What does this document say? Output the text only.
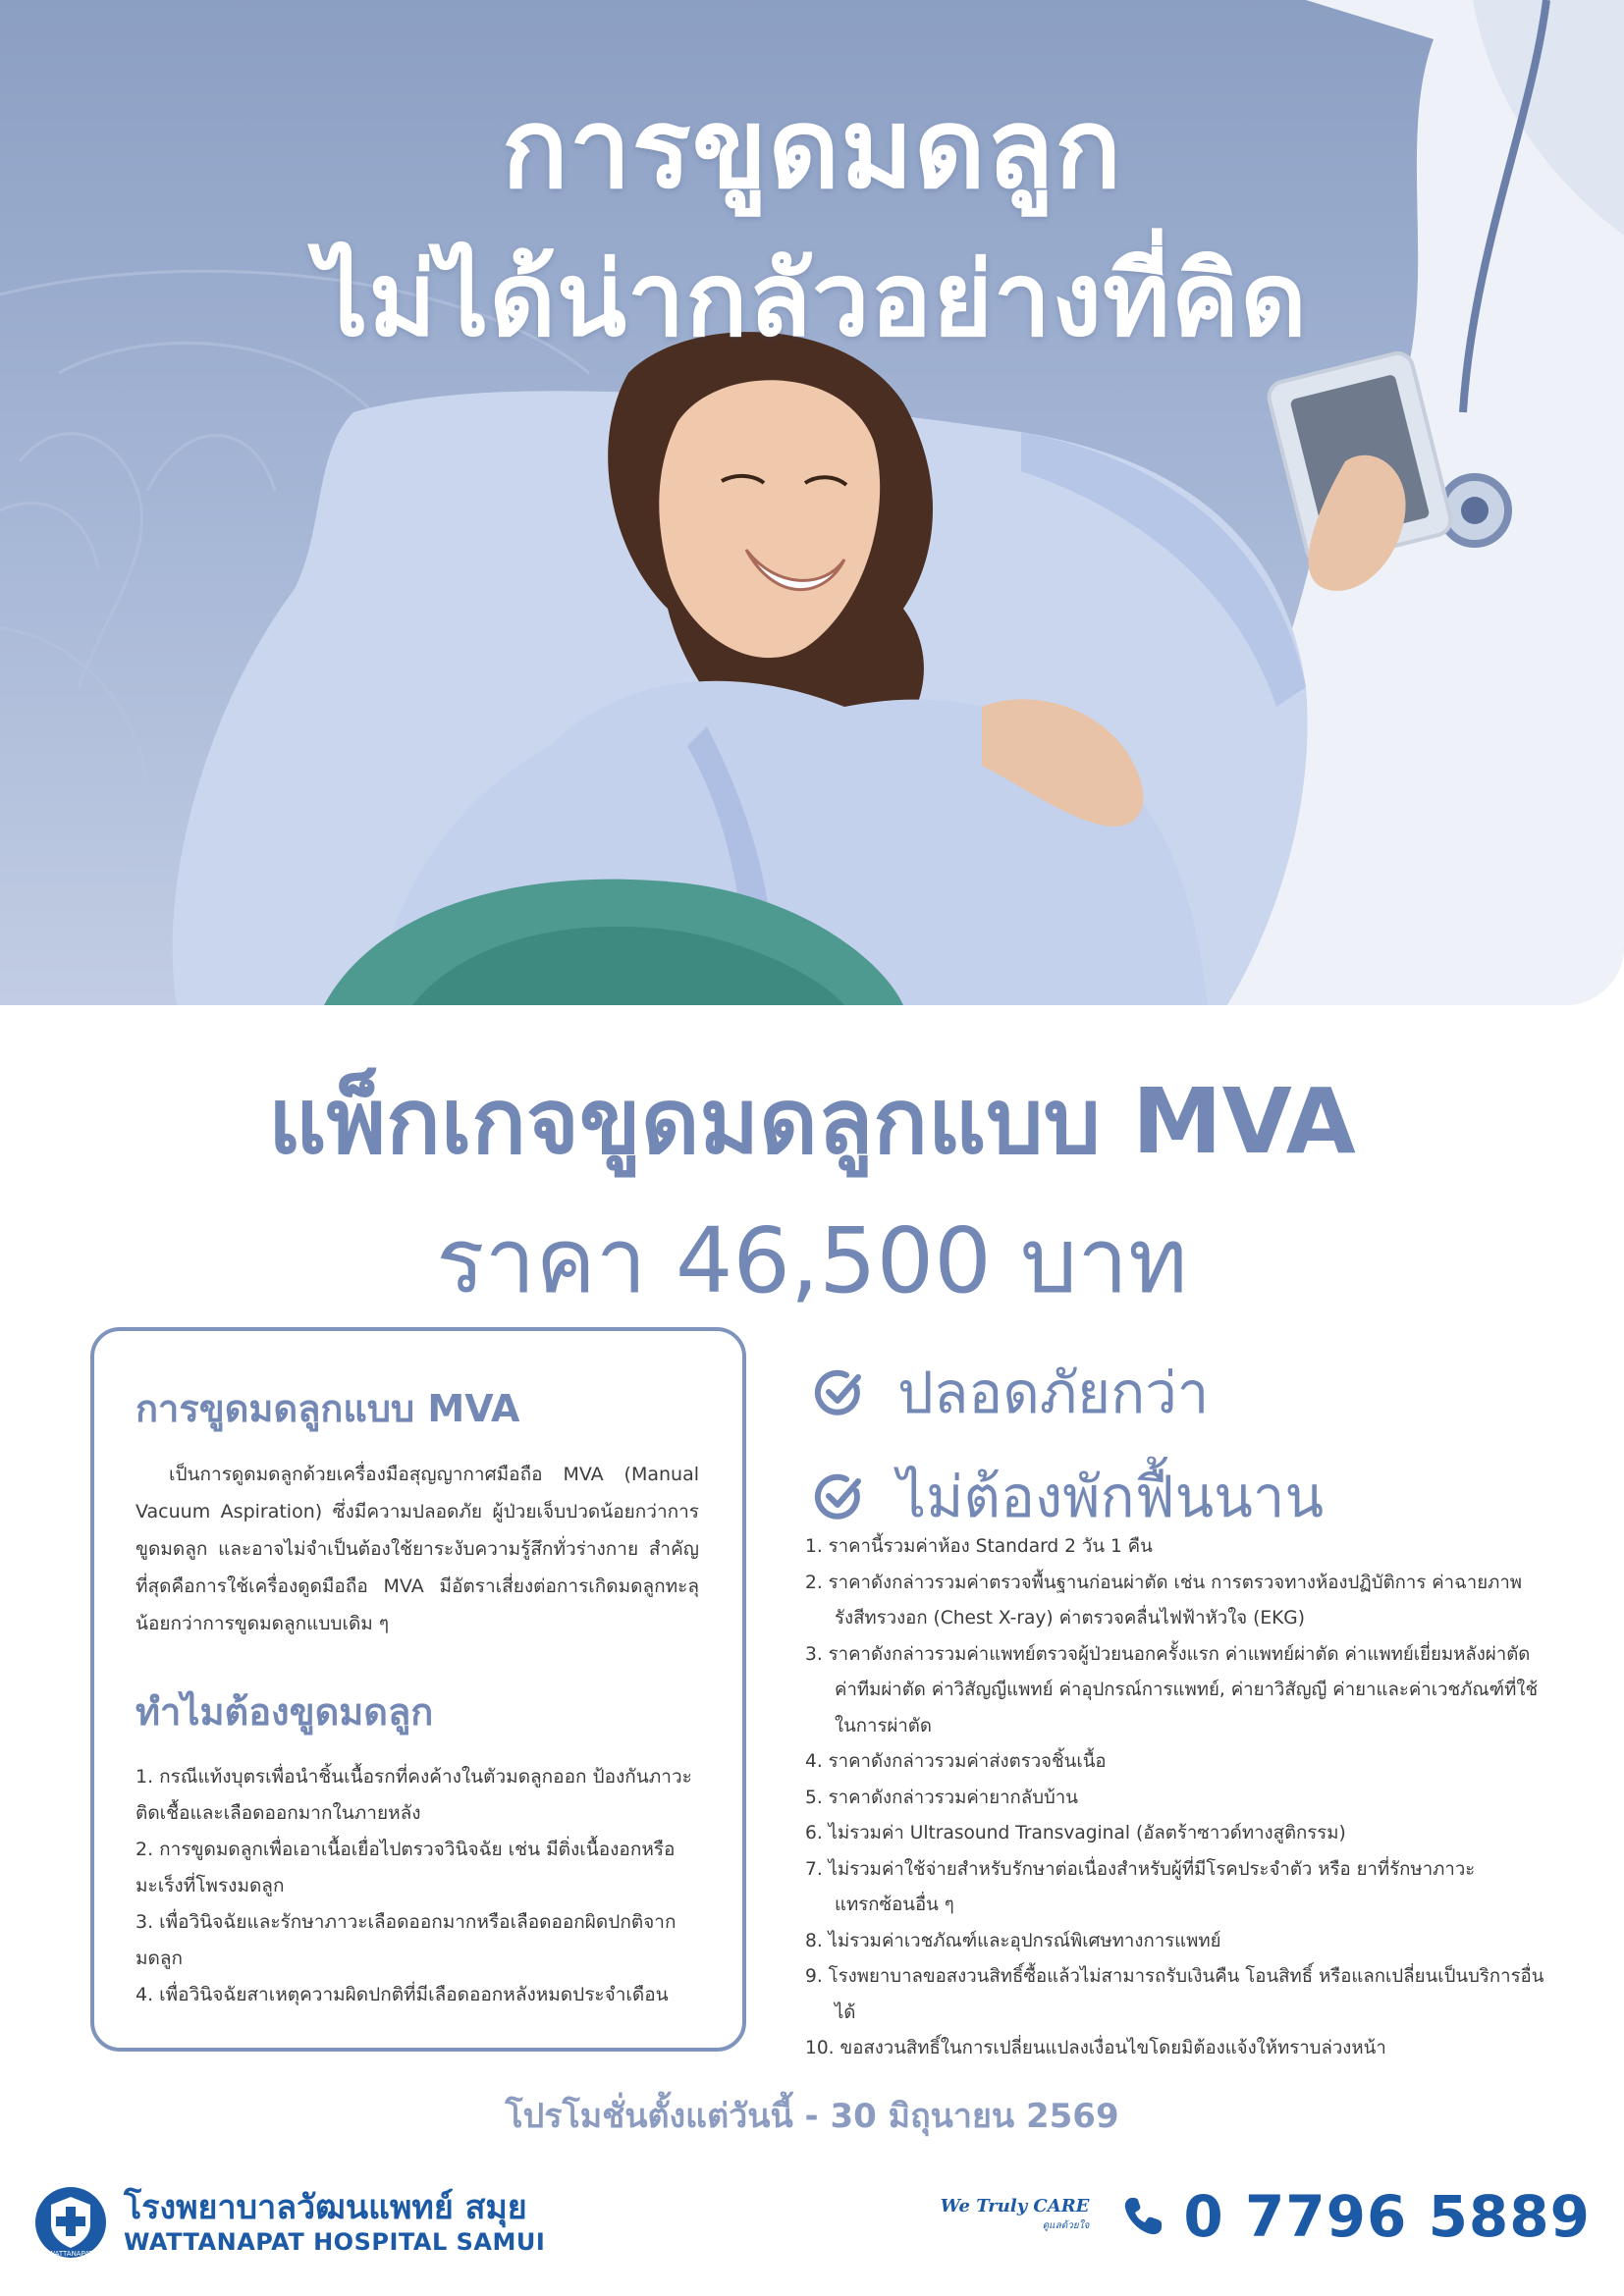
การขูดมดลูก
ไม่ได้น่ากลัวอย่างที่คิด
แพ็กเกจขูดมดลูกแบบ MVA
ราคา 46,500 บาท
การขูดมดลูกแบบ MVA

เป็นการดูดมดลูกด้วยเครื่องมือสุญญากาศมือถือ MVA (Manual Vacuum Aspiration) ซึ่งมีความปลอดภัย ผู้ป่วยเจ็บปวดน้อยกว่าการขูดมดลูก และอาจไม่จำเป็นต้องใช้ยาระงับความรู้สึกทั่วร่างกาย สำคัญที่สุดคือการใช้เครื่องดูดมือถือ MVA มีอัตราเสี่ยงต่อการเกิดมดลูกทะลุน้อยกว่าการขูดมดลูกแบบเดิม ๆ

ทำไมต้องขูดมดลูก
1. กรณีแท้งบุตรเพื่อนำชิ้นเนื้อรกที่คงค้างในตัวมดลูกออก ป้องกันภาวะติดเชื้อและเลือดออกมากในภายหลัง
2. การขูดมดลูกเพื่อเอาเนื้อเยื่อไปตรวจวินิจฉัย เช่น มีติ่งเนื้องอกหรือมะเร็งที่โพรงมดลูก
3. เพื่อวินิจฉัยและรักษาภาวะเลือดออกมากหรือเลือดออกผิดปกติจากมดลูก
4. เพื่อวินิจฉัยสาเหตุความผิดปกติที่มีเลือดออกหลังหมดประจำเดือน
ปลอดภัยกว่า
ไม่ต้องพักฟื้นนาน
1. ราคานี้รวมค่าห้อง Standard 2 วัน 1 คืน
2. ราคาดังกล่าวรวมค่าตรวจพื้นฐานก่อนผ่าตัด เช่น การตรวจทางห้องปฏิบัติการ ค่าฉายภาพรังสีทรวงอก (Chest X-ray) ค่าตรวจคลื่นไฟฟ้าหัวใจ (EKG)
3. ราคาดังกล่าวรวมค่าแพทย์ตรวจผู้ป่วยนอกครั้งแรก ค่าแพทย์ผ่าตัด ค่าแพทย์เยี่ยมหลังผ่าตัด ค่าทีมผ่าตัด ค่าวิสัญญีแพทย์ ค่าอุปกรณ์การแพทย์, ค่ายาวิสัญญี ค่ายาและค่าเวชภัณฑ์ที่ใช้ในการผ่าตัด
4. ราคาดังกล่าวรวมค่าส่งตรวจชิ้นเนื้อ
5. ราคาดังกล่าวรวมค่ายากลับบ้าน
6. ไม่รวมค่า Ultrasound Transvaginal (อัลตร้าซาวด์ทางสูติกรรม)
7. ไม่รวมค่าใช้จ่ายสำหรับรักษาต่อเนื่องสำหรับผู้ที่มีโรคประจำตัว หรือ ยาที่รักษาภาวะแทรกซ้อนอื่น ๆ
8. ไม่รวมค่าเวชภัณฑ์และอุปกรณ์พิเศษทางการแพทย์
9. โรงพยาบาลขอสงวนสิทธิ์ซื้อแล้วไม่สามารถรับเงินคืน โอนสิทธิ์ หรือแลกเปลี่ยนเป็นบริการอื่นได้
10. ขอสงวนสิทธิ์ในการเปลี่ยนแปลงเงื่อนไขโดยมิต้องแจ้งให้ทราบล่วงหน้า

โปรโมชั่นตั้งแต่วันนี้ - 30 มิถุนายน 2569

WATTANAPAT
โรงพยาบาลวัฒนแพทย์ สมุย
WATTANAPAT HOSPITAL SAMUI
We Truly CARE
ดูแลด้วยใจ 0 7796 5889
